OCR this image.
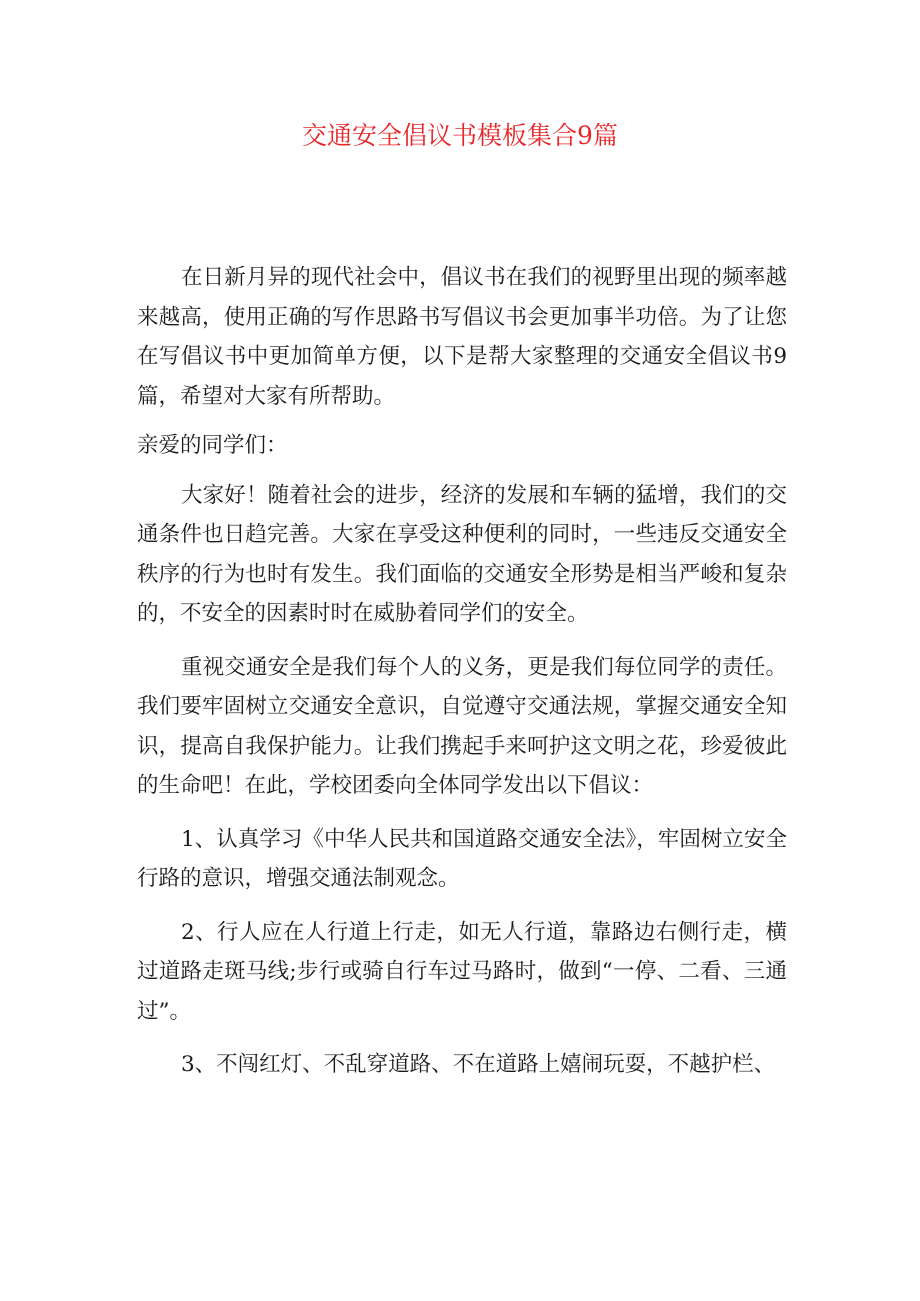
交通安全倡议书模板集合9篇

在日新月异的现代社会中，倡议书在我们的视野里出现的频率越来越高，使用正确的写作思路书写倡议书会更加事半功倍。为了让您在写倡议书中更加简单方便，以下是帮大家整理的交通安全倡议书9篇，希望对大家有所帮助。

亲爱的同学们：

大家好！随着社会的进步，经济的发展和车辆的猛增，我们的交通条件也日趋完善。大家在享受这种便利的同时，一些违反交通安全秩序的行为也时有发生。我们面临的交通安全形势是相当严峻和复杂的，不安全的因素时时在威胁着同学们的安全。

重视交通安全是我们每个人的义务，更是我们每位同学的责任。我们要牢固树立交通安全意识，自觉遵守交通法规，掌握交通安全知识，提高自我保护能力。让我们携起手来呵护这文明之花，珍爱彼此的生命吧！在此，学校团委向全体同学发出以下倡议：

1、认真学习《中华人民共和国道路交通安全法》，牢固树立安全行路的意识，增强交通法制观念。

2、行人应在人行道上行走，如无人行道，靠路边右侧行走，横过道路走斑马线;步行或骑自行车过马路时，做到“一停、二看、三通过”。

3、不闯红灯、不乱穿道路、不在道路上嬉闹玩耍，不越护栏、
